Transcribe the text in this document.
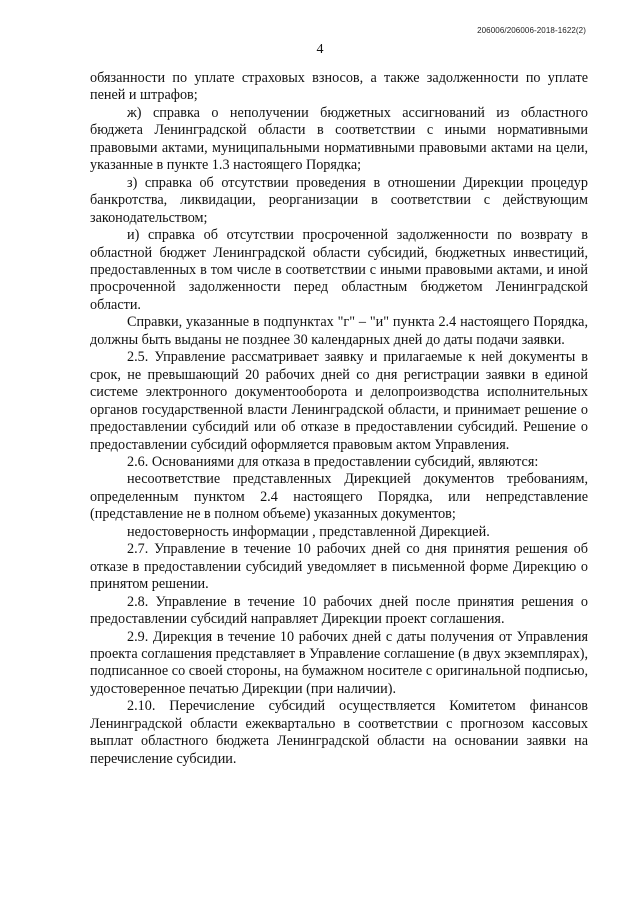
206006/206006-2018-1622(2)
4

обязанности по уплате страховых взносов, а также задолженности по уплате пеней и штрафов;

ж) справка о неполучении бюджетных ассигнований из областного бюджета Ленинградской области в соответствии с иными нормативными правовыми актами, муниципальными нормативными правовыми актами на цели, указанные в пункте 1.3 настоящего Порядка;

з) справка об отсутствии проведения в отношении Дирекции процедур банкротства, ликвидации, реорганизации в соответствии с действующим законодательством;

и) справка об отсутствии просроченной задолженности по возврату в областной бюджет Ленинградской области субсидий, бюджетных инвестиций, предоставленных в том числе в соответствии с иными правовыми актами, и иной просроченной задолженности перед областным бюджетом Ленинградской области.

Справки, указанные в подпунктах "г" – "и" пункта 2.4 настоящего Порядка, должны быть выданы не позднее 30 календарных дней до даты подачи заявки.

2.5. Управление рассматривает заявку и прилагаемые к ней документы в срок, не превышающий 20 рабочих дней со дня регистрации заявки в единой системе электронного документооборота и делопроизводства исполнительных органов государственной власти Ленинградской области, и принимает решение о предоставлении субсидий или об отказе в предоставлении субсидий. Решение о предоставлении субсидий оформляется правовым актом Управления.

2.6. Основаниями для отказа в предоставлении субсидий, являются:

несоответствие представленных Дирекцией документов требованиям, определенным пунктом 2.4 настоящего Порядка, или непредставление (представление не в полном объеме) указанных документов;

недостоверность информации , представленной Дирекцией.

2.7. Управление в течение 10 рабочих дней со дня принятия решения об отказе в предоставлении субсидий уведомляет в письменной форме Дирекцию о принятом решении.

2.8. Управление в течение 10 рабочих дней после принятия решения о предоставлении субсидий направляет Дирекции проект соглашения.

2.9. Дирекция в течение 10 рабочих дней с даты получения от Управления проекта соглашения представляет в Управление соглашение (в двух экземплярах), подписанное со своей стороны, на бумажном носителе с оригинальной подписью, удостоверенное печатью Дирекции (при наличии).

2.10. Перечисление субсидий осуществляется Комитетом финансов Ленинградской области ежеквартально в соответствии с прогнозом кассовых выплат областного бюджета Ленинградской области на основании заявки на перечисление субсидии.
